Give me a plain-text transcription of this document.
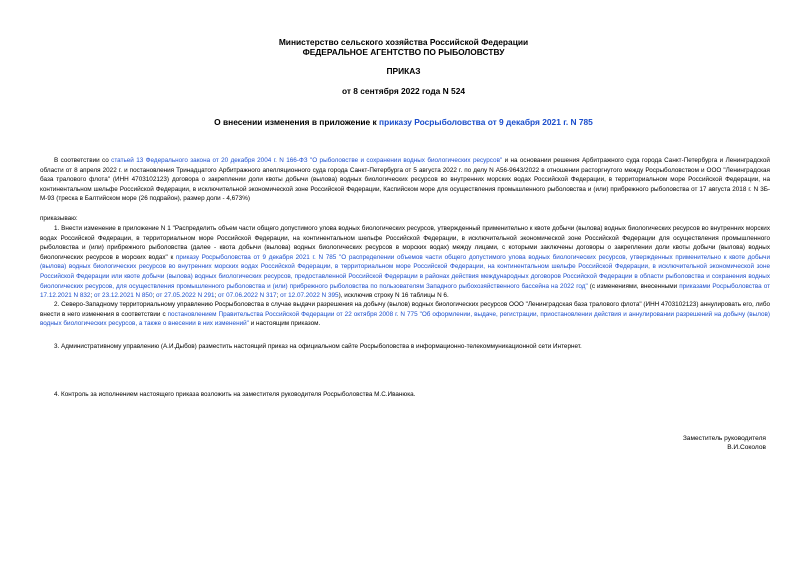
Министерство сельского хозяйства Российской Федерации
ФЕДЕРАЛЬНОЕ АГЕНТСТВО ПО РЫБОЛОВСТВУ
ПРИКАЗ
от 8 сентября 2022 года N 524
О внесении изменения в приложение к приказу Росрыболовства от 9 декабря 2021 г. N 785
В соответствии со статьей 13 Федерального закона от 20 декабря 2004 г. N 166-ФЗ "О рыболовстве и сохранении водных биологических ресурсов" и на основании решения Арбитражного суда города Санкт-Петербурга и Ленинградской области от 8 апреля 2022 г. и постановления Тринадцатого Арбитражного апелляционного суда города Санкт-Петербурга от 5 августа 2022 г. по делу N А56-9643/2022 в отношении расторгнутого между Росрыболовством и ООО "Ленинградская база траловогo флота" (ИНН 4703102123) договора о закреплении доли квоты добычи (вылова) водных биологических ресурсов во внутренних морских водах Российской Федерации, в территориальном море Российской Федерации, на континентальном шельфе Российской Федерации, в исключительной экономической зоне Российской Федерации, Каспийском море для осуществления промышленного рыболовства и (или) прибрежного рыболовства от 17 августа 2018 г. N 3Б-М-93 (треска в Балтийском море (26 подрайон), размер доли - 4,673%)
приказываю:
1. Внести изменение в приложение N 1 "Распределить объем части общего допустимого улова водных биологических ресурсов, утвержденный применительно к квоте добычи (вылова) водных биологических ресурсов во внутренних морских водах Российской Федерации, в территориальном море Российской Федерации, на континентальном шельфе Российской Федерации, в исключительной экономической зоне Российской Федерации для осуществления промышленного рыболовства и (или) прибрежного рыболовства (далее - квота добычи (вылова) водных биологических ресурсов в морских водах) между лицами, с которыми заключены договоры о закреплении доли квоты добычи (вылова) водных биологических ресурсов в морских водах" к приказу Росрыболовства от 9 декабря 2021 г. N 785 "О распределении объемов части общего допустимого улова водных биологических ресурсов, утвержденных применительно к квоте добычи (вылова) водных биологических ресурсов во внутренних морских водах Российской Федерации, в территориальном море Российской Федерации, на континентальном шельфе Российской Федерации, в исключительной экономической зоне Российской Федерации или квоте добычи (вылова) водных биологических ресурсов, предоставленной Российской Федерации в районах действия международных договоров Российской Федерации в области рыболовства и сохранения водных биологических ресурсов, для осуществления промышленного рыболовства и (или) прибрежного рыболовства по пользователям Западного рыбохозяйственного бассейна на 2022 год" (с изменениями, внесенными приказами Росрыболовства от 17.12.2021 N 832; от 23.12.2021 N 850; от 27.05.2022 N 291; от 07.06.2022 N 317; от 12.07.2022 N 395), исключив строку N 16 таблицы N 6.
2. Северо-Западному территориальному управлению Росрыболовства в случае выдачи разрешения на добычу (вылов) водных биологических ресурсов ООО "Ленинградская база тралового флота" (ИНН 4703102123) аннулировать его, либо внести в него изменения в соответствии с постановлением Правительства Российской Федерации от 22 октября 2008 г. N 775 "Об оформлении, выдаче, регистрации, приостановлении действия и аннулировании разрешений на добычу (вылов) водных биологических ресурсов, а также о внесении в них изменений" и настоящим приказом.
3. Административному управлению (А.И.Дыбов) разместить настоящий приказ на официальном сайте Росрыболовства в информационно-телекоммуникационной сети Интернет.
4. Контроль за исполнением настоящего приказа возложить на заместителя руководителя Росрыболовства М.С.Иванюка.
Заместитель руководителя
В.И.Соколов
